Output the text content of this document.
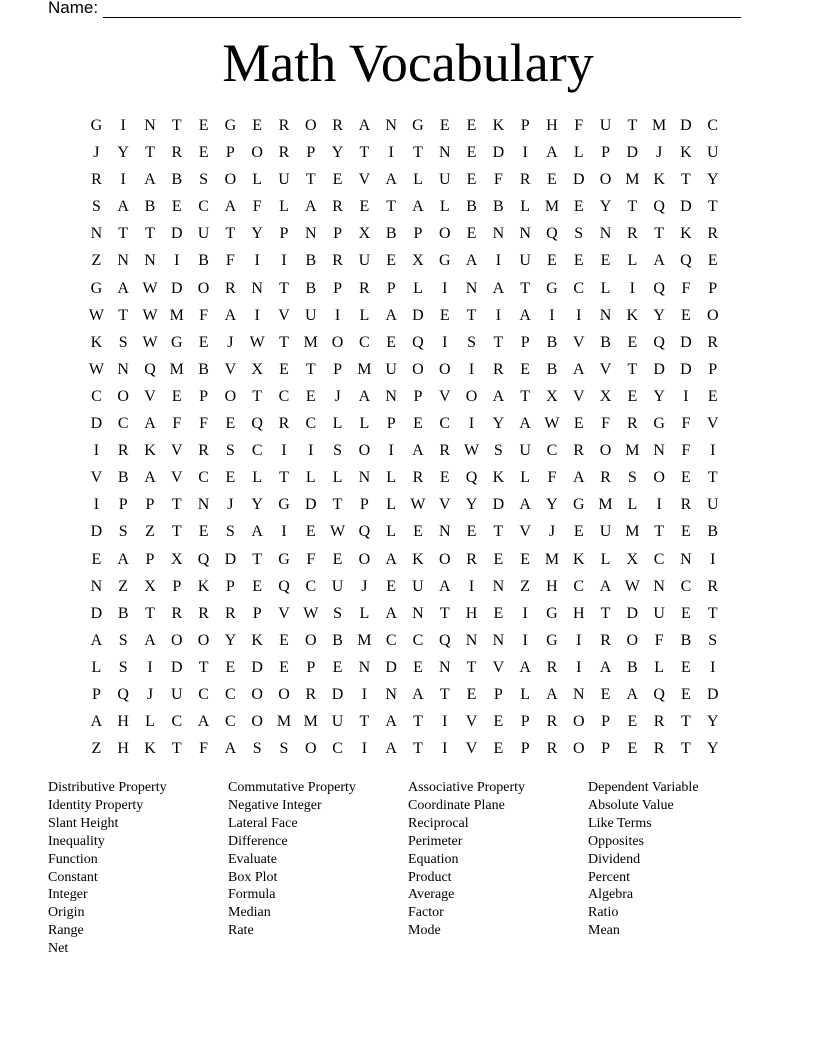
Name:
Math Vocabulary
G	I	N	T	E	G	E	R O R A N G	E	E	K	P	H	F	U	T M D C
J	Y	T	R	E	P	O R	P	Y	T	I	T	N	E	D	I	A	L	P	D	J	K U
R	I	A B	S	O	L	U	T	E	V A	L	U	E	F	R	E	D O M K	T	Y
S	A B	E	C A	F	L	A R	E	T	A	L	B	B	L M E	Y	T	Q D	T
N	T	T	D U	T	Y	P	N	P	X B	P	O	E	N N Q	S	N R	T	K R
Z	N N	I	B	F	I	I	B	R U	E	X G A	I	U	E	E	E	L	A Q	E
G A W D O R N	T	B	P	R	P	L	I	N A	T	G C	L	I	Q	F	P
W T W M F	A	I	V U	I	L	A D	E	T	I	A	I	I	N K Y	E	O
K	S W G	E	J	W T M O C	E	Q	I	S	T	P	B V B	E	Q D R
W N Q M B V X	E	T	P M U O O	I	R	E	B A V	T	D D	P
C O V	E	P	O	T	C	E	J	A N	P	V O A	T	X V X	E	Y	I	E
D C A	F	F	E	Q R	C	L	L	P	E	C	I	Y A W E	F	R G	F	V
I	R K V R	S	C	I	I	S	O	I	A R W S	U C	R O M N	F	I
V B A V C	E	L	T	L	L	N	L	R	E	Q K	L	F	A R	S	O	E	T
I	P	P	T	N	J	Y G D	T	P	L W V Y D A Y G M L	I	R U
D	S	Z	T	E	S	A	I	E W Q	L	E	N	E	T	V	J	E	U M T	E	B
E	A	P	X Q D	T	G	F	E	O A K O R	E	E M K	L	X C N	I
N	Z	X	P	K	P	E	Q C U	J	E	U A	I	N	Z	H C A W N C	R
D B	T	R	R	R	P	V W S	L	A N	T	H	E	I	G H	T	D U	E	T
A	S	A O O Y K	E	O B M C	C Q N N	I	G	I	R O	F	B	S
L	S	I	D	T	E	D	E	P	E	N D	E	N	T	V A R	I	A B	L	E	I
P	Q	J	U C	C O O R D	I	N A	T	E	P	L	A N	E	A Q	E	D
A H	L	C A C O M M U	T	A	T	I	V	E	P	R O	P	E	R	T	Y
Z	H K	T	F	A	S	S	O C	I	A	T	I	V	E	P	R O	P	E	R	T	Y
Distributive Property	Commutative Property	Associative Property	Dependent Variable
Identity Property	Negative Integer	Coordinate Plane	Absolute Value
Slant Height	Lateral Face	Reciprocal	Like Terms
Inequality	Difference	Perimeter	Opposites
Function	Evaluate	Equation	Dividend
Constant	Box Plot	Product	Percent
Integer	Formula	Average	Algebra
Origin	Median	Factor	Ratio
Range	Rate	Mode	Mean
Net
